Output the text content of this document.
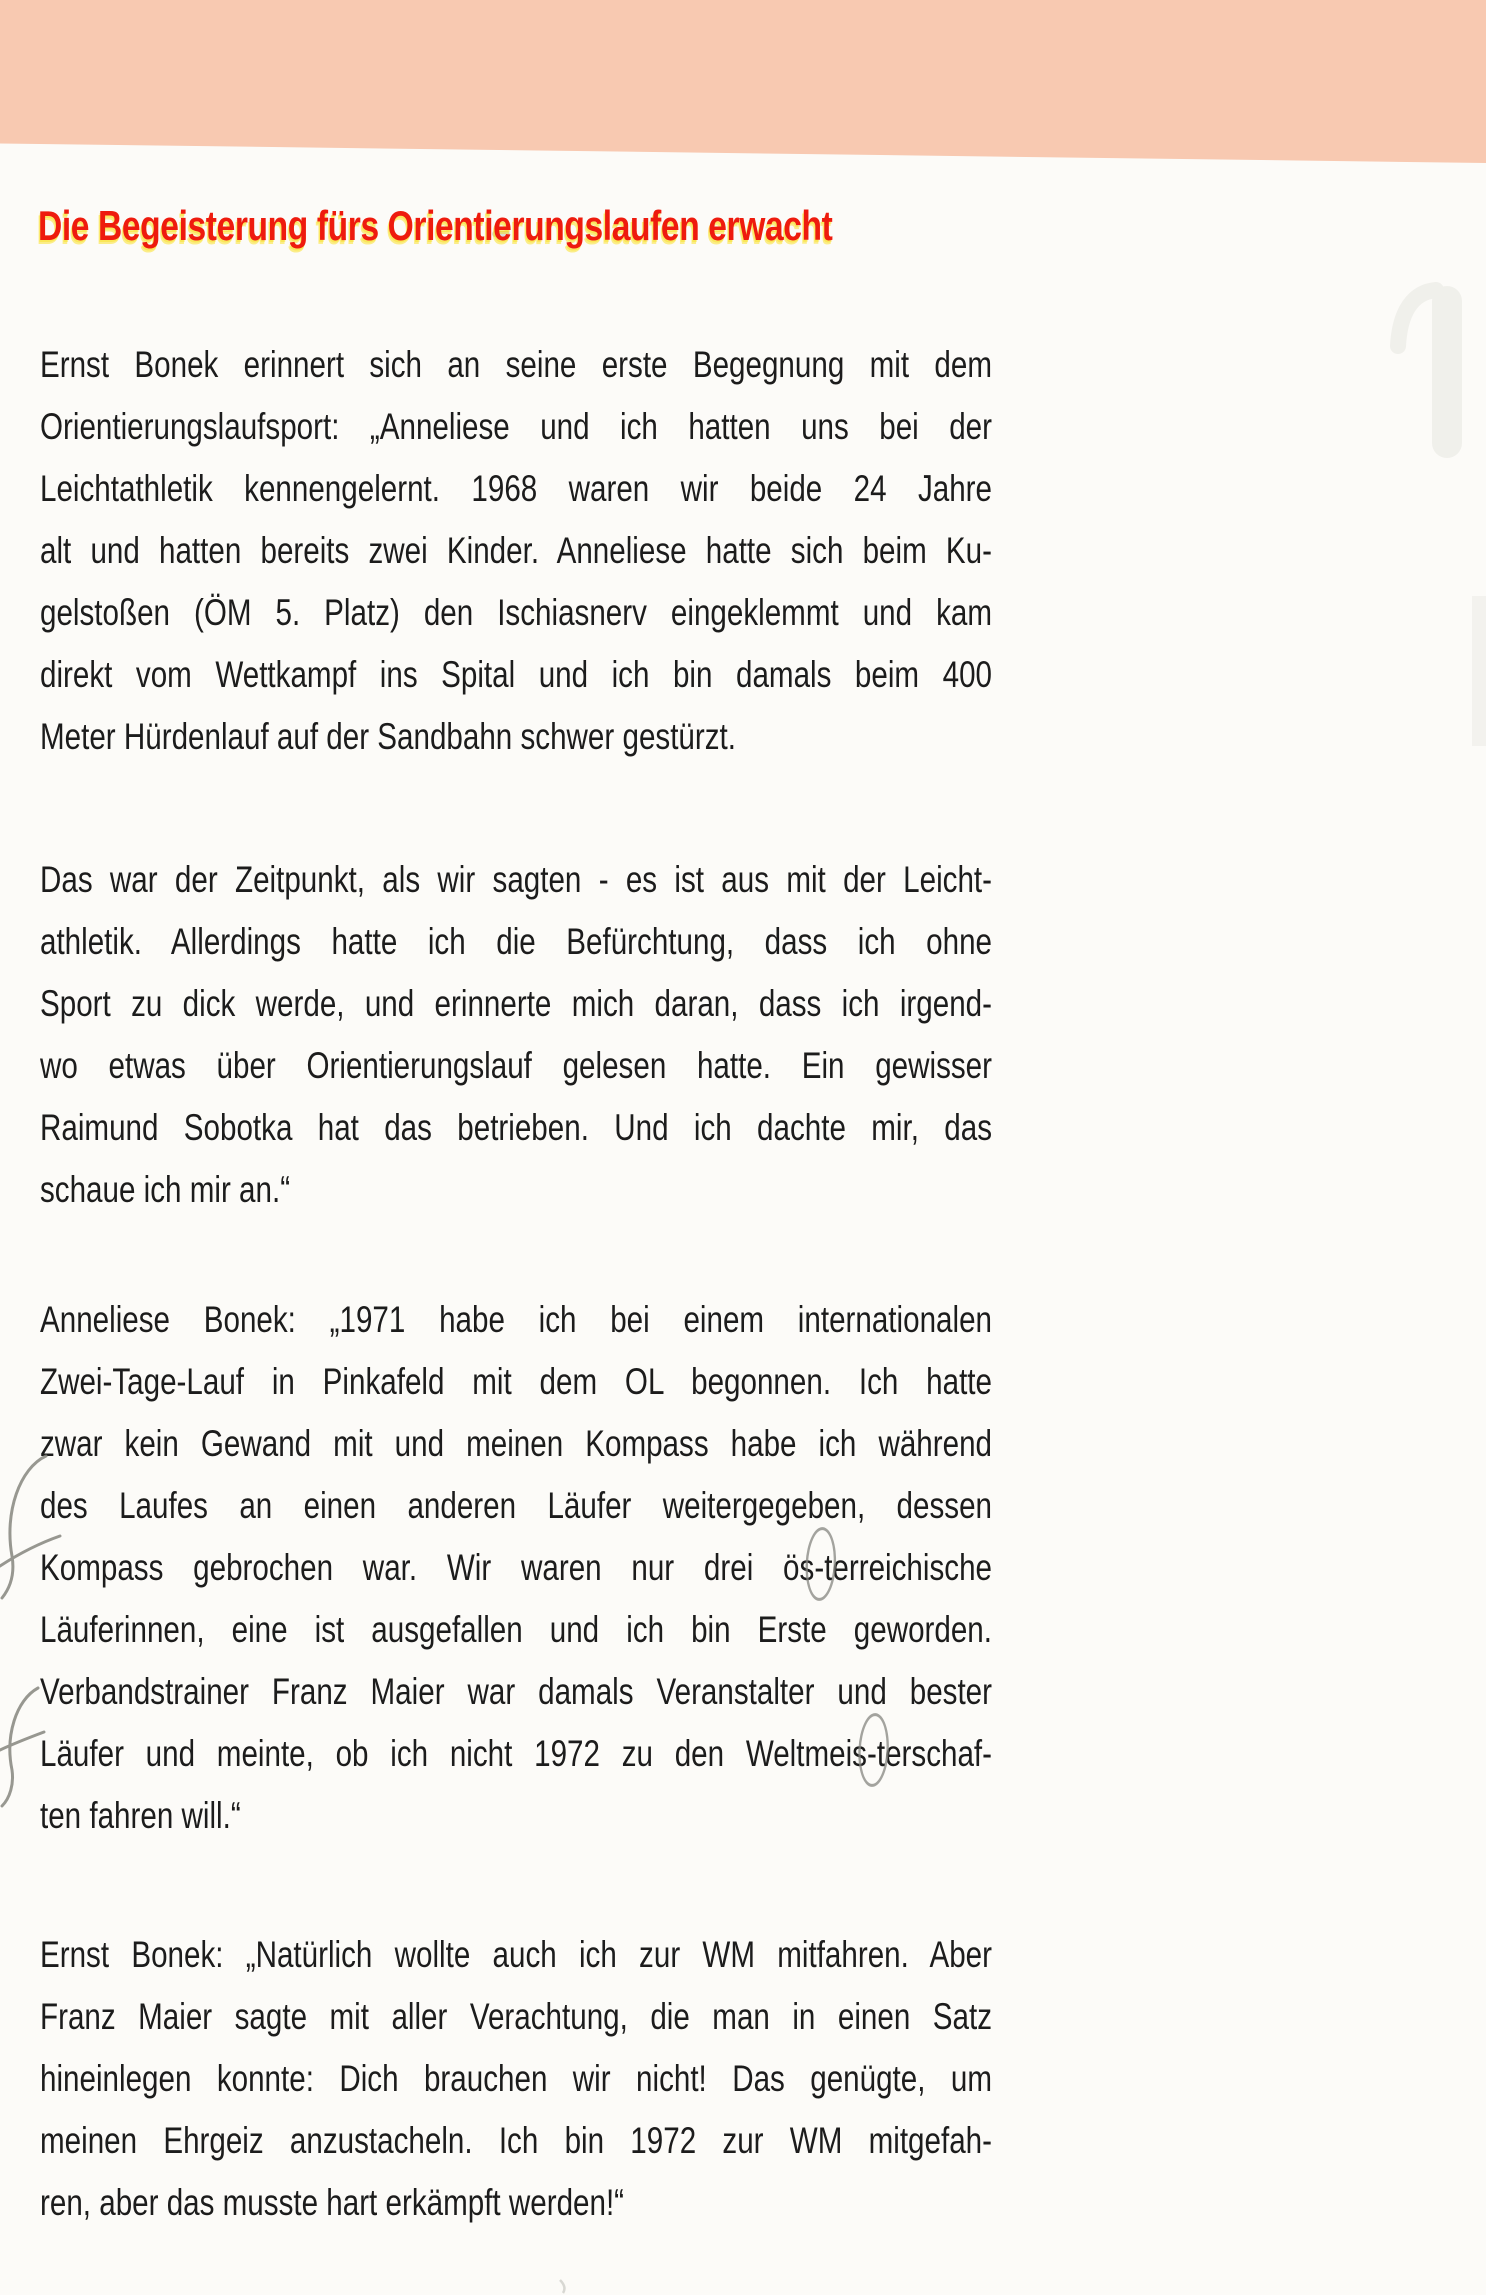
Die Begeisterung fürs Orientierungslaufen erwacht
Ernst Bonek erinnert sich an seine erste Begegnung mit dem
Orientierungslaufsport: „Anneliese und ich hatten uns bei der
Leichtathletik kennengelernt. 1968 waren wir beide 24 Jahre
alt und hatten bereits zwei Kinder. Anneliese hatte sich beim Ku-
gelstoßen (ÖM 5. Platz) den Ischiasnerv eingeklemmt und kam
direkt vom Wettkampf ins Spital und ich bin damals beim 400
Meter Hürdenlauf auf der Sandbahn schwer gestürzt.
Das war der Zeitpunkt, als wir sagten - es ist aus mit der Leicht-
athletik. Allerdings hatte ich die Befürchtung, dass ich ohne
Sport zu dick werde, und erinnerte mich daran, dass ich irgend-
wo etwas über Orientierungslauf gelesen hatte. Ein gewisser
Raimund Sobotka hat das betrieben. Und ich dachte mir, das
schaue ich mir an.“
Anneliese Bonek: „1971 habe ich bei einem internationalen
Zwei-Tage-Lauf in Pinkafeld mit dem OL begonnen. Ich hatte
zwar kein Gewand mit und meinen Kompass habe ich während
des Laufes an einen anderen Läufer weitergegeben, dessen
Kompass gebrochen war. Wir waren nur drei ös-terreichische
Läuferinnen, eine ist ausgefallen und ich bin Erste geworden.
Verbandstrainer Franz Maier war damals Veranstalter und bester
Läufer und meinte, ob ich nicht 1972 zu den Weltmeis-terschaf-
ten fahren will.“
Ernst Bonek: „Natürlich wollte auch ich zur WM mitfahren. Aber
Franz Maier sagte mit aller Verachtung, die man in einen Satz
hineinlegen konnte: Dich brauchen wir nicht! Das genügte, um
meinen Ehrgeiz anzustacheln. Ich bin 1972 zur WM mitgefah-
ren, aber das musste hart erkämpft werden!“
